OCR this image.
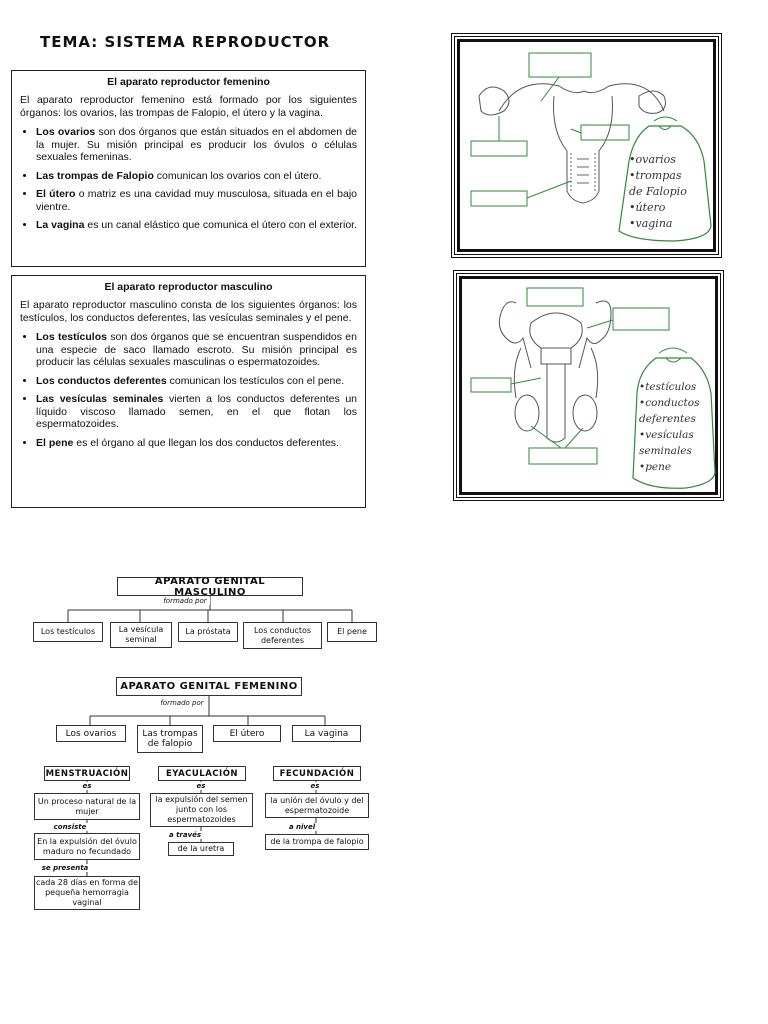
TEMA: SISTEMA REPRODUCTOR
El aparato reproductor femenino

El aparato reproductor femenino está formado por los siguientes órganos: los ovarios, las trompas de Falopio, el útero y la vagina.

• Los ovarios son dos órganos que están situados en el abdomen de la mujer. Su misión principal es producir los óvulos o células sexuales femeninas.
• Las trompas de Falopio comunican los ovarios con el útero.
• El útero o matriz es una cavidad muy musculosa, situada en el bajo vientre.
• La vagina es un canal elástico que comunica el útero con el exterior.
El aparato reproductor masculino

El aparato reproductor masculino consta de los siguientes órganos: los testículos, los conductos deferentes, las vesículas seminales y el pene.

• Los testículos son dos órganos que se encuentran suspendidos en una especie de saco llamado escroto. Su misión principal es producir las células sexuales masculinas o espermatozoides.
• Los conductos deferentes comunican los testículos con el pene.
• Las vesículas seminales vierten a los conductos deferentes un líquido viscoso llamado semen, en el que flotan los espermatozoides.
• El pene es el órgano al que llegan los dos conductos deferentes.
•ovarios
•trompas
de Falopio
•útero
•vagina
•testículos
•conductos
deferentes
•vesículas
seminales
•pene
APARATO GENITAL MASCULINO
formado por
Los testículos	La vesícula seminal
La próstata	Los conductos deferentes
El pene
APARATO GENITAL FEMENINO
formado por
Los ovarios	Las trompas de falopio
El útero	La vagina
MENSTRUACIÓN
es
Un proceso natural de la mujer
consiste
En la expulsión del óvulo maduro no fecundado
se presenta
cada 28 días en forma de pequeña hemorragia vaginal
EYACULACIÓN
es
la expulsión del semen junto con los espermatozoides
a través
de la uretra
FECUNDACIÓN
es
la unión del óvulo y del espermatozoide
a nivel
de la trompa de falopio
